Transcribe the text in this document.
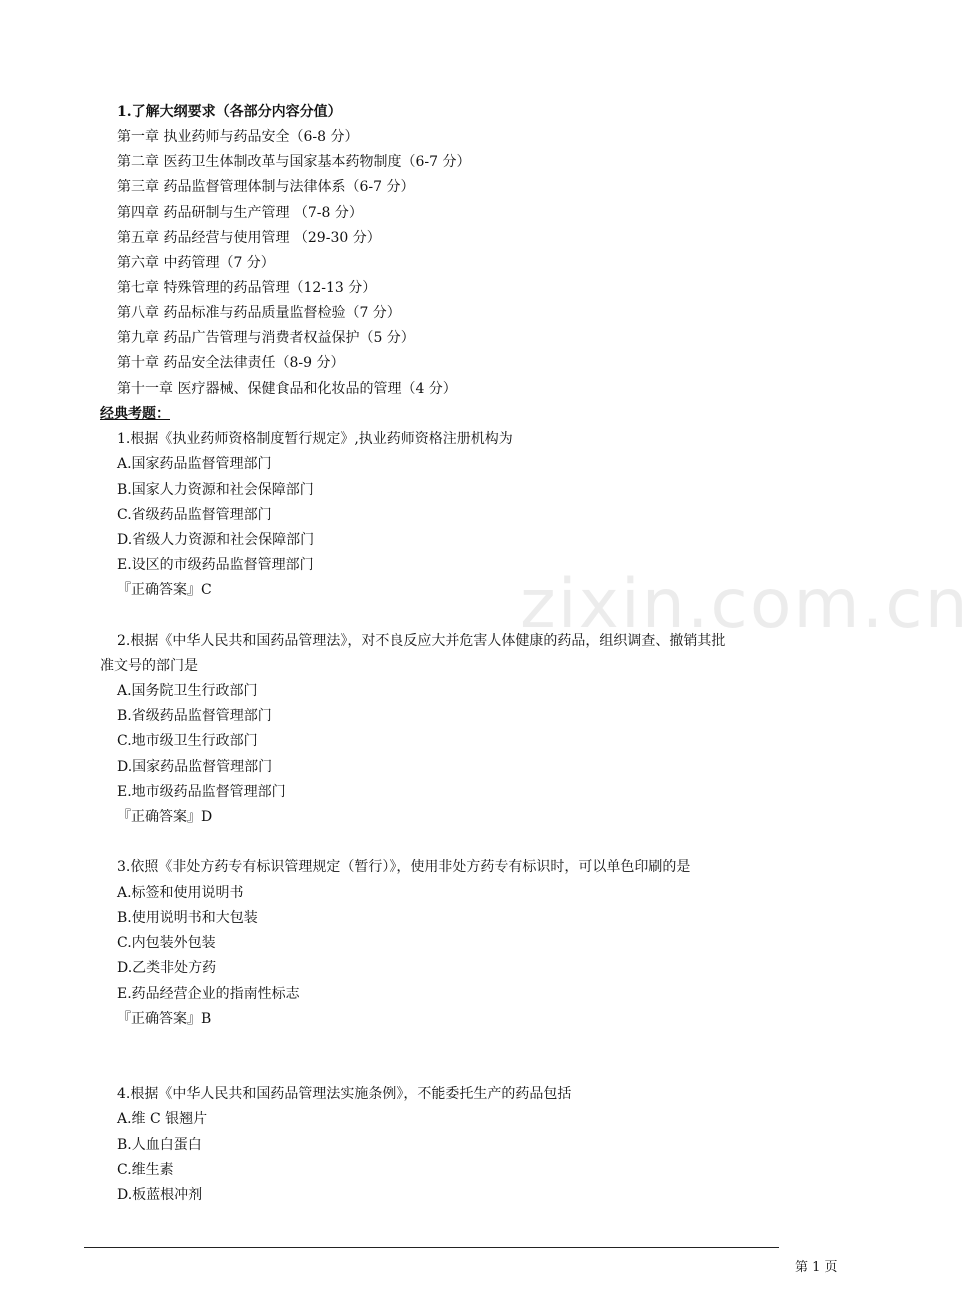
1.了解大纲要求（各部分内容分值）
第一章 执业药师与药品安全（6-8 分）
第二章 医药卫生体制改革与国家基本药物制度（6-7 分）
第三章 药品监督管理体制与法律体系（6-7 分）
第四章 药品研制与生产管理 （7-8 分）
第五章 药品经营与使用管理 （29-30 分）
第六章 中药管理（7 分）
第七章 特殊管理的药品管理（12-13 分）
第八章 药品标准与药品质量监督检验（7 分）
第九章 药品广告管理与消费者权益保护（5 分）
第十章 药品安全法律责任（8-9 分）
第十一章 医疗器械、保健食品和化妆品的管理（4 分）
经典考题：
1.根据《执业药师资格制度暂行规定》,执业药师资格注册机构为
A.国家药品监督管理部门
B.国家人力资源和社会保障部门
C.省级药品监督管理部门
D.省级人力资源和社会保障部门
E.设区的市级药品监督管理部门
『正确答案』C
2.根据《中华人民共和国药品管理法》，对不良反应大并危害人体健康的药品，组织调查、撤销其批
准文号的部门是
A.国务院卫生行政部门
B.省级药品监督管理部门
C.地市级卫生行政部门
D.国家药品监督管理部门
E.地市级药品监督管理部门
『正确答案』D
3.依照《非处方药专有标识管理规定（暂行）》，使用非处方药专有标识时，可以单色印刷的是
A.标签和使用说明书
B.使用说明书和大包装
C.内包装外包装
D.乙类非处方药
E.药品经营企业的指南性标志
『正确答案』B
4.根据《中华人民共和国药品管理法实施条例》，不能委托生产的药品包括
A.维 C 银翘片
B.人血白蛋白
C.维生素
D.板蓝根冲剂
zixin.com.cn
第 1 页
